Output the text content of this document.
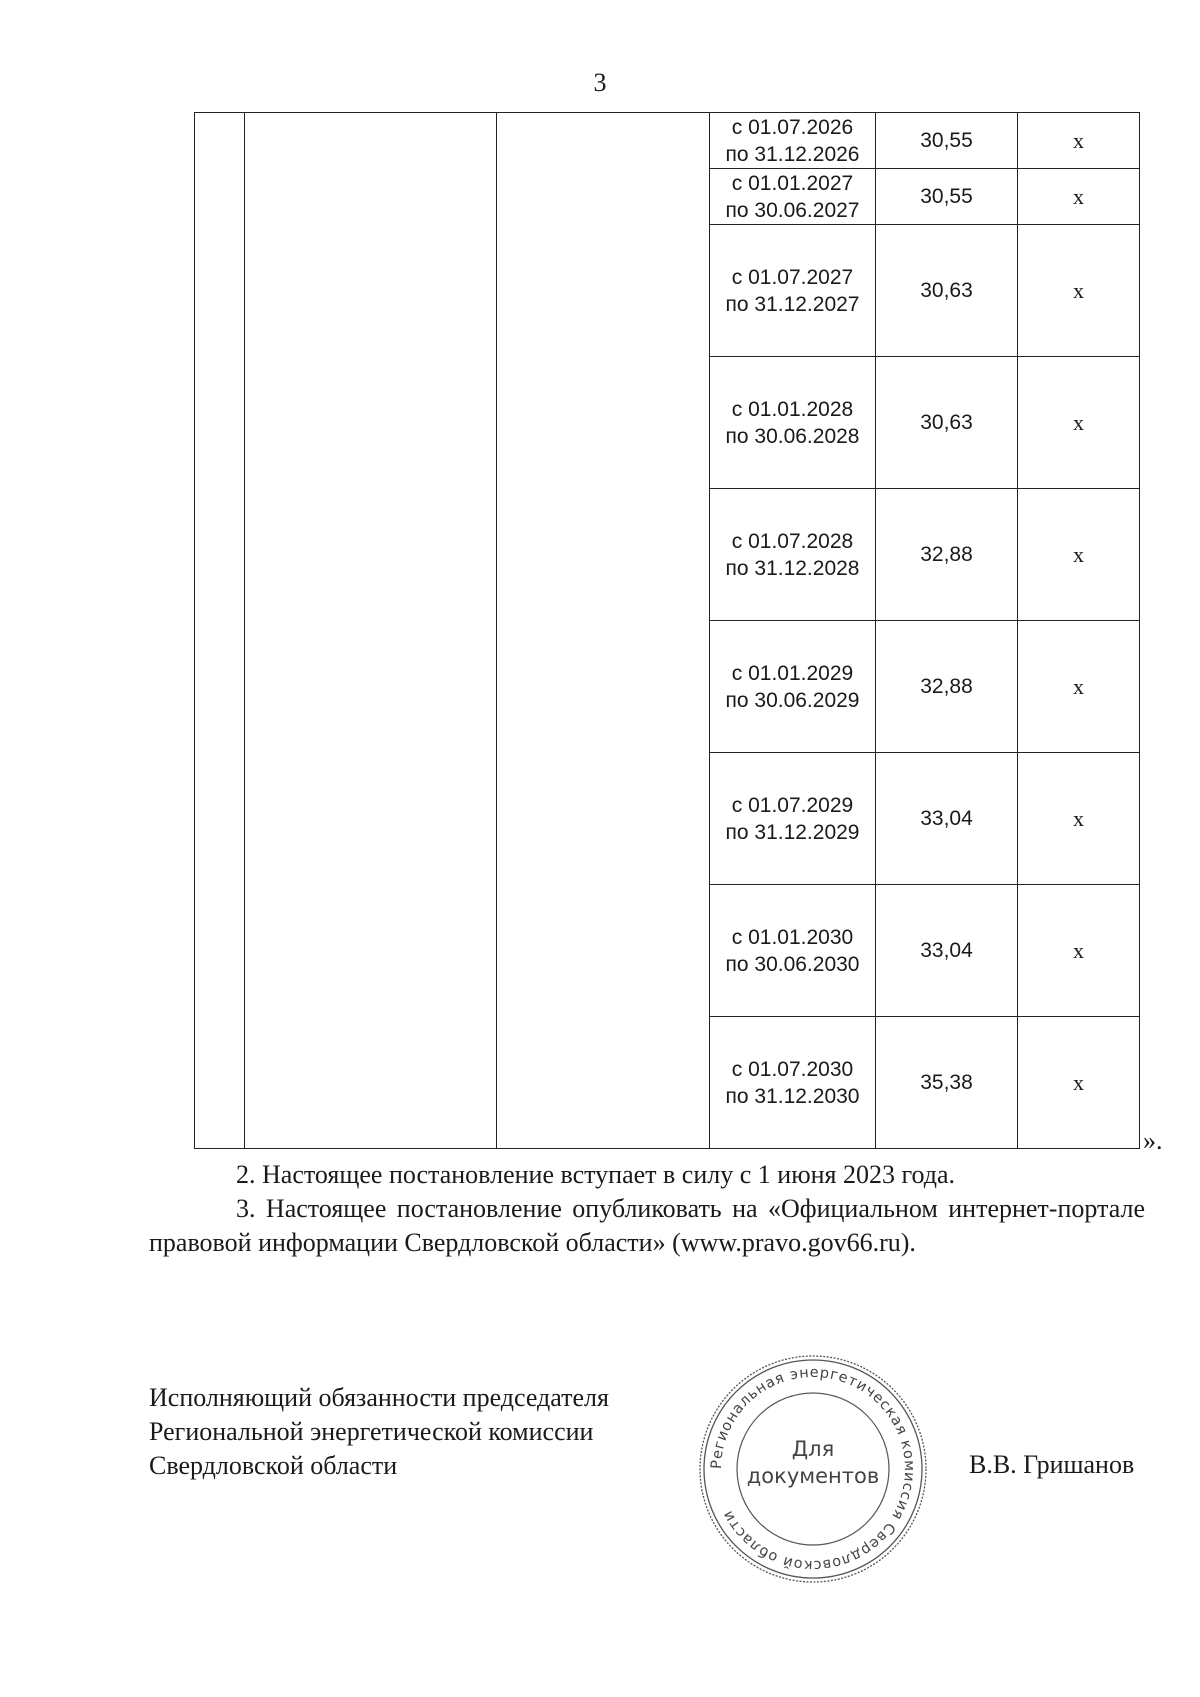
3

			с 01.07.2026
по 31.12.2026	30,55	x

			с 01.01.2027
по 30.06.2027	30,55	x

			с 01.07.2027
по 31.12.2027	30,63	x

			с 01.01.2028
по 30.06.2028	30,63	x

			с 01.07.2028
по 31.12.2028	32,88	x

			с 01.01.2029
по 30.06.2029	32,88	x

			с 01.07.2029
по 31.12.2029	33,04	x

			с 01.01.2030
по 30.06.2030	33,04	x

			с 01.07.2030
по 31.12.2030	35,38	x
».
2. Настоящее постановление вступает в силу с 1 июня 2023 года.
3. Настоящее постановление опубликовать на «Официальном интернет-портале правовой информации Свердловской области» (www.pravo.gov66.ru).
Исполняющий обязанности председателя
Региональной энергетической комиссии
Свердловской области	Региональная энергетическая комиссия Свердловской области
Для
документов	В.В. Гришанов
